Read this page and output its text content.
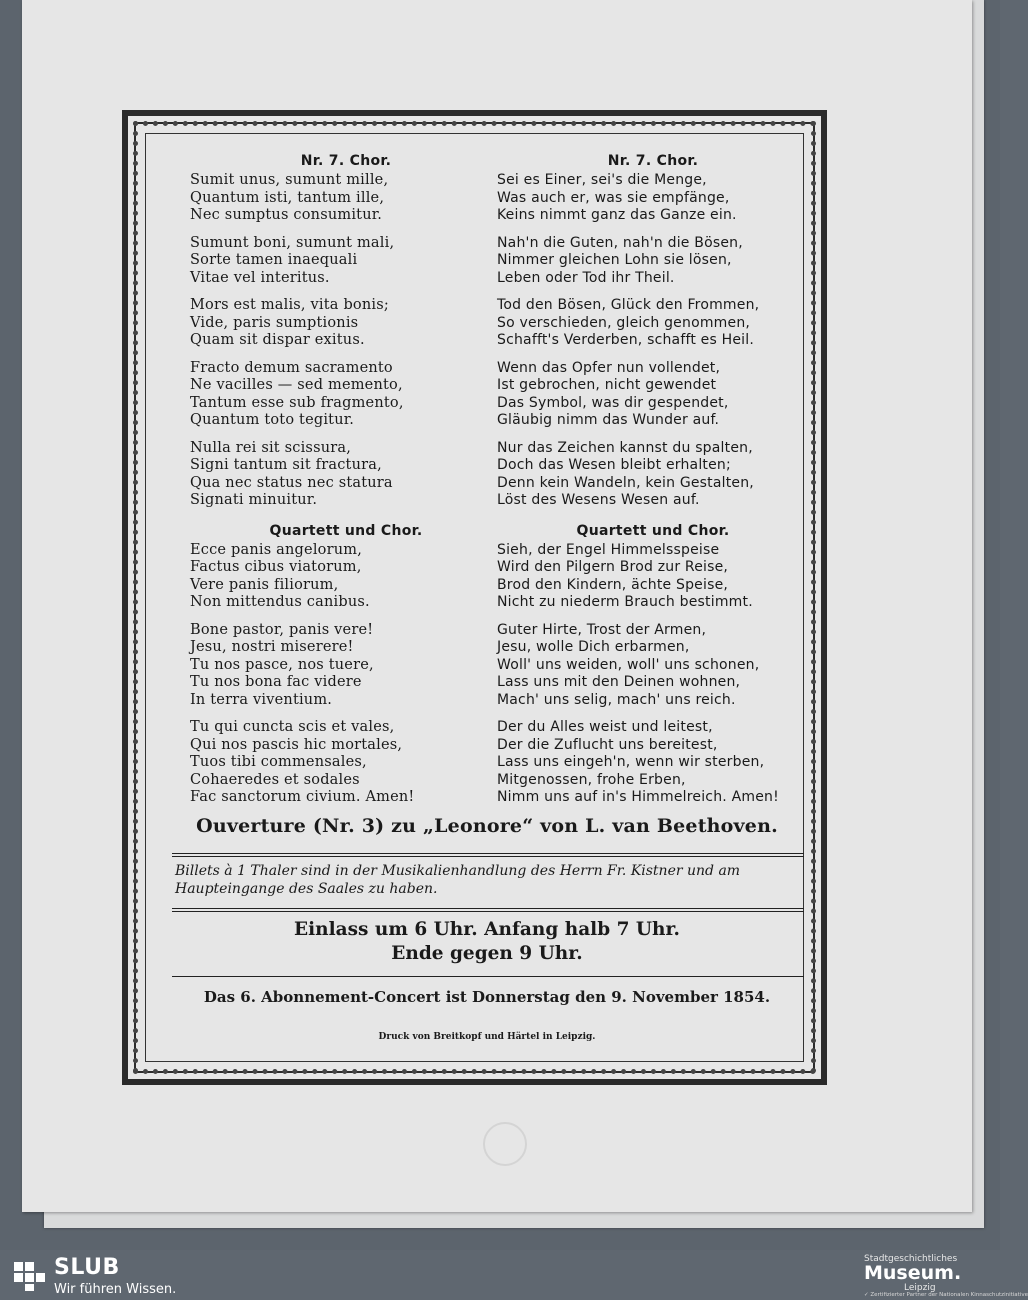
Nr. 7. Chor.
Sumit unus, sumunt mille,
Quantum isti, tantum ille,
Nec sumptus consumitur.
Sumunt boni, sumunt mali,
Sorte tamen inaequali
Vitae vel interitus.
Mors est malis, vita bonis;
Vide, paris sumptionis
Quam sit dispar exitus.
Fracto demum sacramento
Ne vacilles — sed memento,
Tantum esse sub fragmento,
Quantum toto tegitur.
Nulla rei sit scissura,
Signi tantum sit fractura,
Qua nec status nec statura
Signati minuitur.
Quartett und Chor.
Ecce panis angelorum,
Factus cibus viatorum,
Vere panis filiorum,
Non mittendus canibus.
Bone pastor, panis vere!
Jesu, nostri miserere!
Tu nos pasce, nos tuere,
Tu nos bona fac videre
In terra viventium.
Tu qui cuncta scis et vales,
Qui nos pascis hic mortales,
Tuos tibi commensales,
Cohaeredes et sodales
Fac sanctorum civium. Amen!
Nr. 7. Chor.
Sei es Einer, sei's die Menge,
Was auch er, was sie empfänge,
Keins nimmt ganz das Ganze ein.
Nah'n die Guten, nah'n die Bösen,
Nimmer gleichen Lohn sie lösen,
Leben oder Tod ihr Theil.
Tod den Bösen, Glück den Frommen,
So verschieden, gleich genommen,
Schafft's Verderben, schafft es Heil.
Wenn das Opfer nun vollendet,
Ist gebrochen, nicht gewendet
Das Symbol, was dir gespendet,
Gläubig nimm das Wunder auf.
Nur das Zeichen kannst du spalten,
Doch das Wesen bleibt erhalten;
Denn kein Wandeln, kein Gestalten,
Löst des Wesens Wesen auf.
Quartett und Chor.
Sieh, der Engel Himmelsspeise
Wird den Pilgern Brod zur Reise,
Brod den Kindern, ächte Speise,
Nicht zu niederm Brauch bestimmt.
Guter Hirte, Trost der Armen,
Jesu, wolle Dich erbarmen,
Woll' uns weiden, woll' uns schonen,
Lass uns mit den Deinen wohnen,
Mach' uns selig, mach' uns reich.
Der du Alles weist und leitest,
Der die Zuflucht uns bereitest,
Lass uns eingeh'n, wenn wir sterben,
Mitgenossen, frohe Erben,
Nimm uns auf in's Himmelreich. Amen!
Ouverture (Nr. 3) zu „Leonore“ von L. van Beethoven.
Billets à 1 Thaler sind in der Musikalienhandlung des Herrn Fr. Kistner und am Haupteingange des Saales zu haben.
Einlass um 6 Uhr. Anfang halb 7 Uhr.
Ende gegen 9 Uhr.
Das 6. Abonnement-Concert ist Donnerstag den 9. November 1854.
Druck von Breitkopf und Härtel in Leipzig.
SLUB
Wir führen Wissen.
Stadtgeschichtliches
Museum.
Leipzig
✓ Zertifizierter Partner der Nationalen Kinnaschutzinitiative
